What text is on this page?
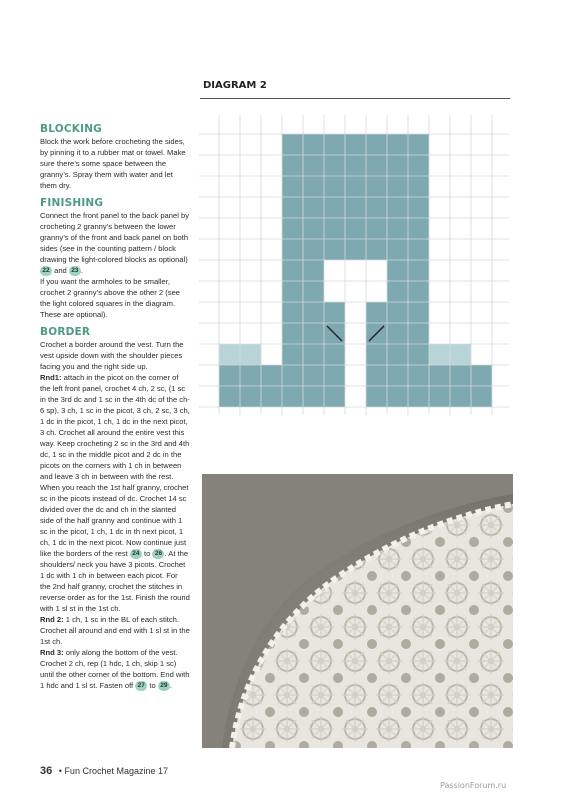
DIAGRAM 2
BLOCKING
Block the work before crocheting the sides, by pinning it to a rubber mat or towel. Make sure there’s some space between the granny’s. Spray them with water and let them dry.
FINISHING
Connect the front panel to the back panel by crocheting 2 granny’s between the lower granny’s of the front and back panel on both sides (see in the counting pattern / block drawing the light-colored blocks as optional) 22 and 23 .
If you want the armholes to be smaller, crochet 2 granny’s above the other 2 (see the light colored squares in the diagram. These are optional).
BORDER
Crochet a border around the vest. Turn the vest upside down with the shoulder pieces facing you and the right side up.
Rnd1: attach in the picot on the corner of the left front panel, crochet 4 ch, 2 sc, (1 sc in the 3rd dc and 1 sc in the 4th dc of the ch-6 sp), 3 ch, 1 sc in the picot, 3 ch, 2 sc, 3 ch, 1 dc in the picot, 1 ch, 1 dc in the next picot, 3 ch. Crochet all around the entire vest this way. Keep crocheting 2 sc in the 3rd and 4th dc, 1 sc in the middle picot and 2 dc in the picots on the corners with 1 ch in between and leave 3 ch in between with the rest.
When you reach the 1st half granny, crochet sc in the picots instead of dc. Crochet 14 sc divided over the dc and ch in the slanted side of the half granny and continue with 1 sc in the picot, 1 ch, 1 dc in th next picot, 1 ch, 1 dc in the next picot. Now continue just like the borders of the rest 24 to 26 . At the shoulders/ neck you have 3 picots. Crochet 1 dc with 1 ch in between each picot. For the 2nd half granny, crochet the stitches in reverse order as for the 1st. Finish the round with 1 sl st in the 1st ch.
Rnd 2: 1 ch, 1 sc in the BL of each stitch. Crochet all around and end with 1 sl st in the 1st ch.
Rnd 3: only along the bottom of the vest. Crochet 2 ch, rep (1 hdc, 1 ch, skip 1 sc) until the other corner of the bottom. End with 1 hdc and 1 sl st. Fasten off 27 to 29 .
36 • Fun Crochet Magazine 17
PassionForum.ru
